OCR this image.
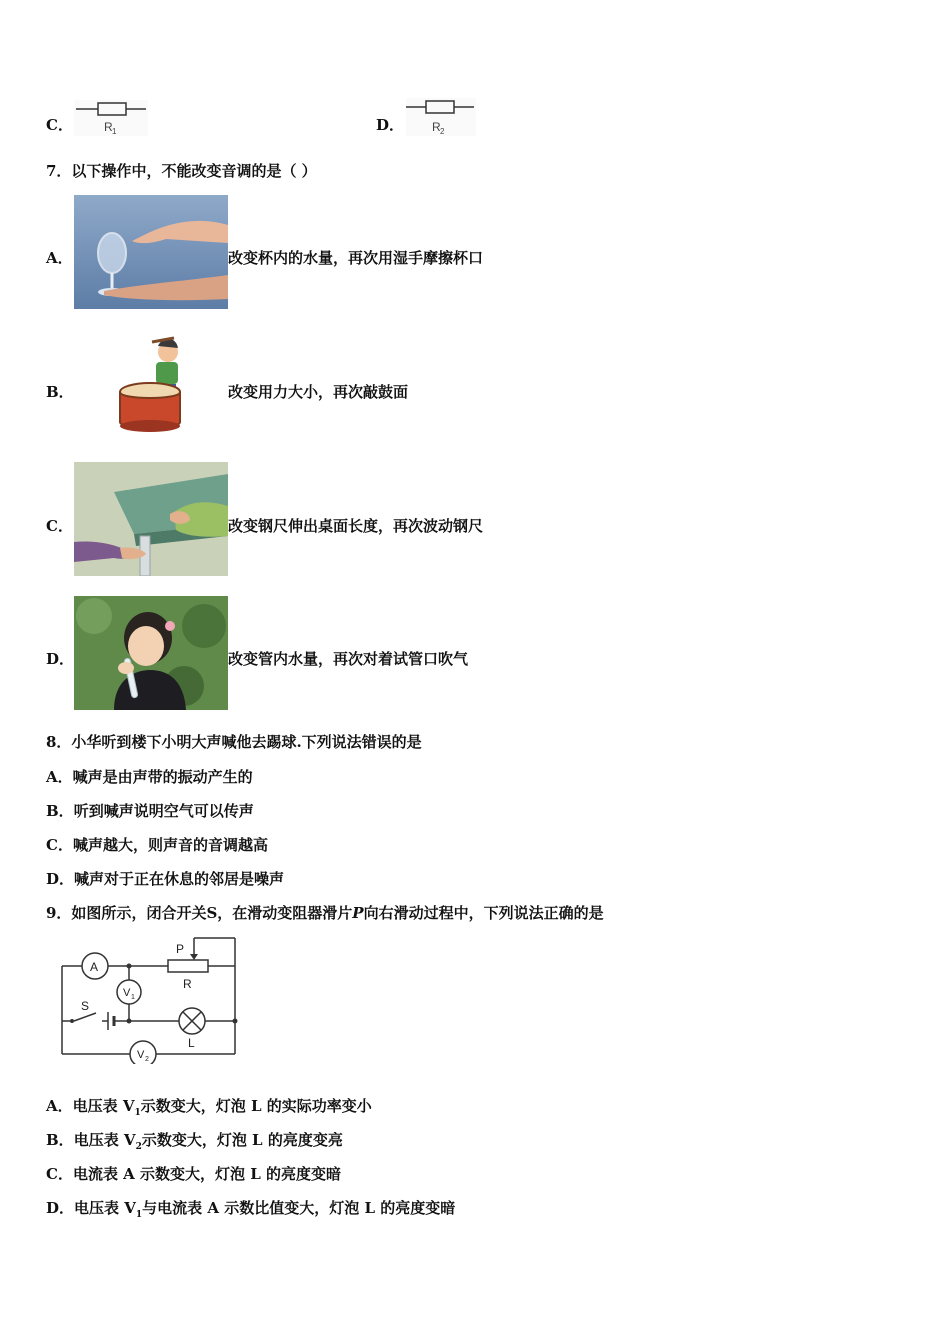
C．	R 1	D． R 2
7．以下操作中，不能改变音调的是（ ）
A．	改变杯内的水量，再次用湿手摩擦杯口
B．	改变用力大小，再次敲鼓面
C．	改变钢尺伸出桌面长度，再次波动钢尺
D．	改变管内水量，再次对着试管口吹气
8．小华听到楼下小明大声喊他去踢球.下列说法错误的是
A．喊声是由声带的振动产生的
B．听到喊声说明空气可以传声
C．喊声越大，则声音的音调越高
D．喊声对于正在休息的邻居是噪声
9．如图所示，闭合开关S，在滑动变阻器滑片P向右滑动过程中，下列说法正确的是
A
V 1
V 2
P
R
S
L
A．电压表 $V_1$示数变大，灯泡 L 的实际功率变小
B．电压表 $V_2$示数变大，灯泡 L 的亮度变亮
C．电流表 A 示数变大，灯泡 L 的亮度变暗
D．电压表 $V_1$与电流表 A 示数比值变大，灯泡 L 的亮度变暗
